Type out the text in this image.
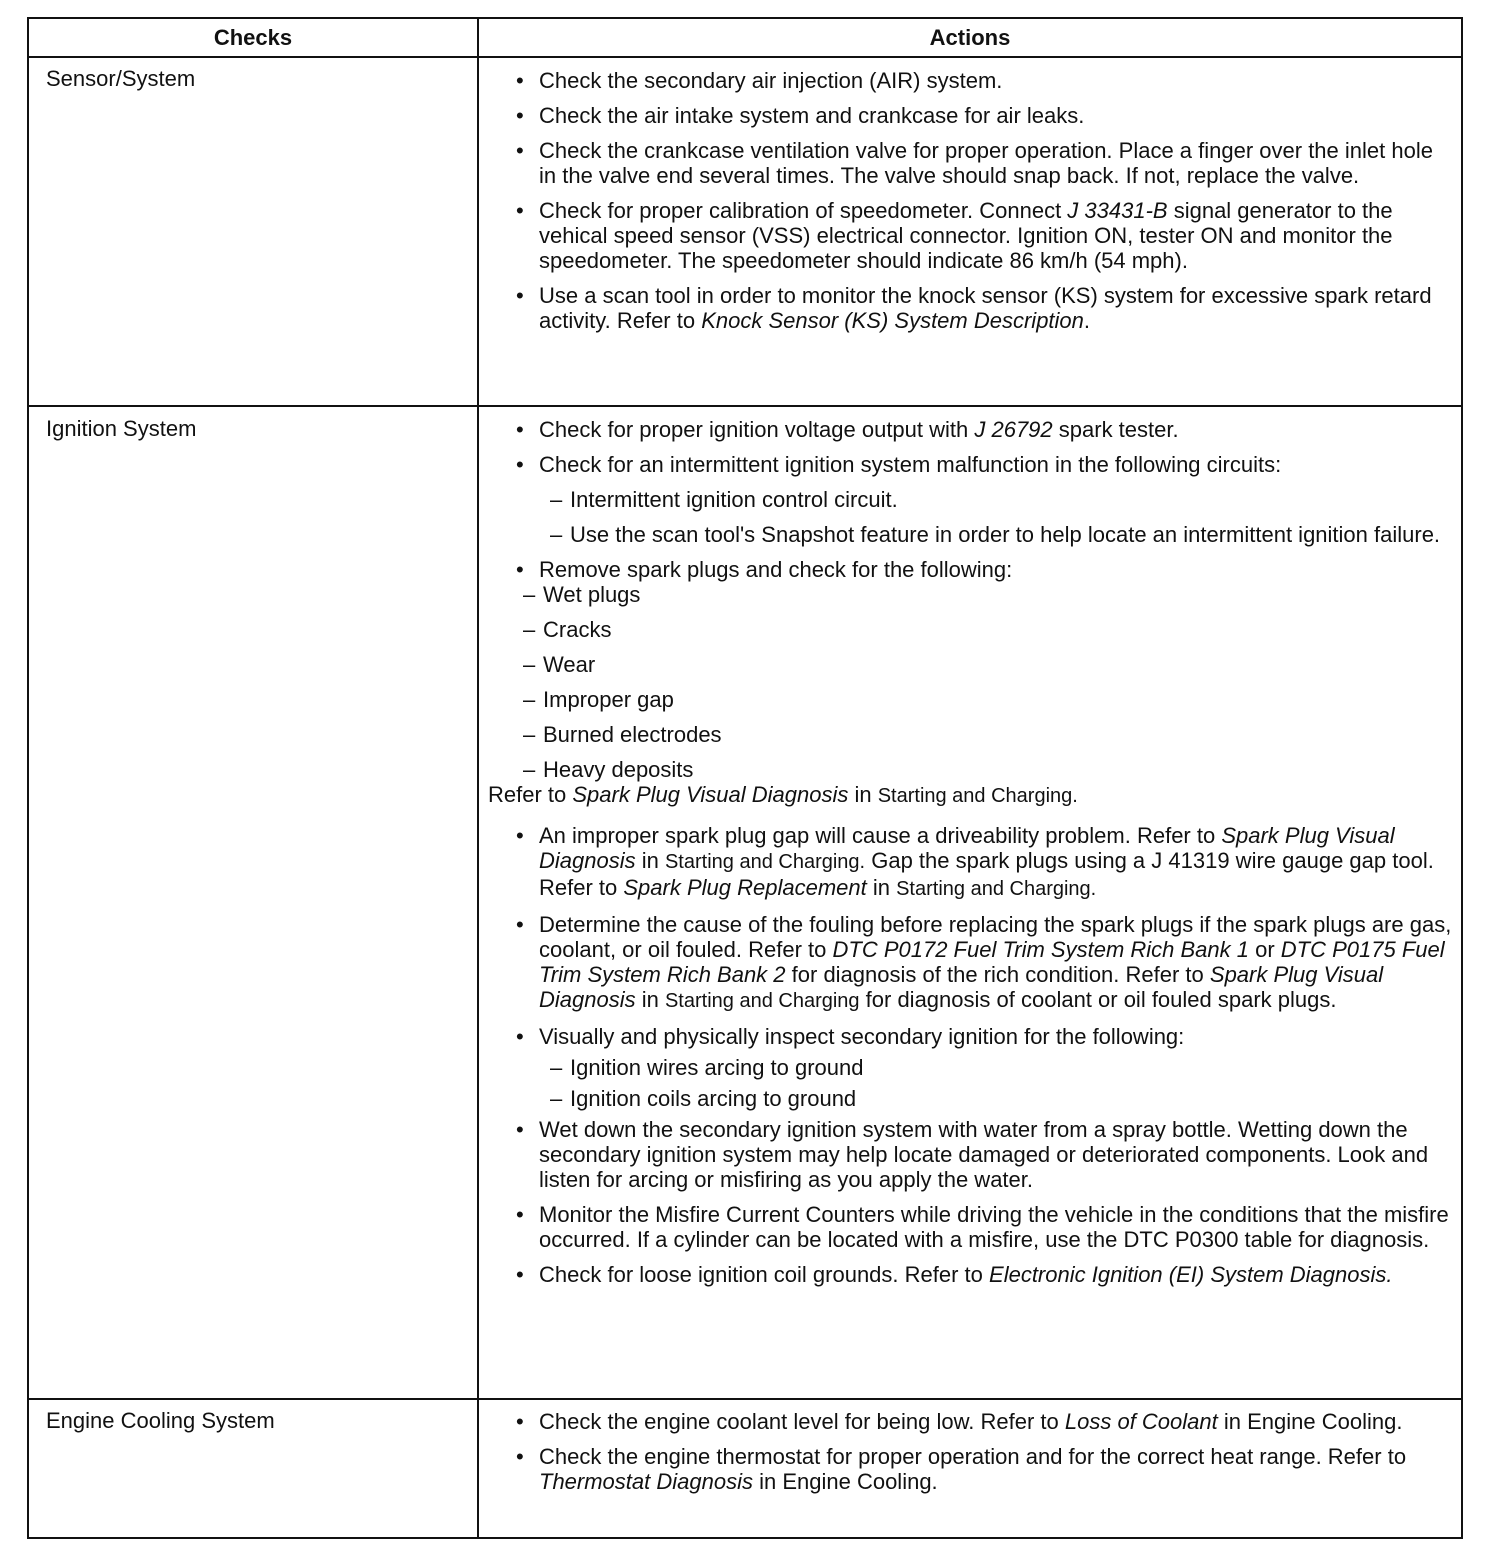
Checks	Actions
Sensor/System	• Check the secondary air injection (AIR) system.
• Check the air intake system and crankcase for air leaks.
• Check the crankcase ventilation valve for proper operation. Place a finger over the inlet hole in the valve end several times. The valve should snap back. If not, replace the valve.
• Check for proper calibration of speedometer. Connect J 33431-B signal generator to the vehical speed sensor (VSS) electrical connector. Ignition ON, tester ON and monitor the speedometer. The speedometer should indicate 86 km/h (54 mph).
• Use a scan tool in order to monitor the knock sensor (KS) system for excessive spark retard activity. Refer to Knock Sensor (KS) System Description.
Ignition System	• Check for proper ignition voltage output with J 26792 spark tester.
• Check for an intermittent ignition system malfunction in the following circuits:
– Intermittent ignition control circuit.
– Use the scan tool's Snapshot feature in order to help locate an intermittent ignition failure.
• Remove spark plugs and check for the following:
– Wet plugs
– Cracks
– Wear
– Improper gap
– Burned electrodes
– Heavy deposits
Refer to Spark Plug Visual Diagnosis in Starting and Charging.
• An improper spark plug gap will cause a driveability problem. Refer to Spark Plug Visual Diagnosis in Starting and Charging. Gap the spark plugs using a J 41319 wire gauge gap tool. Refer to Spark Plug Replacement in Starting and Charging.
• Determine the cause of the fouling before replacing the spark plugs if the spark plugs are gas, coolant, or oil fouled. Refer to DTC P0172 Fuel Trim System Rich Bank 1 or DTC P0175 Fuel Trim System Rich Bank 2 for diagnosis of the rich condition. Refer to Spark Plug Visual Diagnosis in Starting and Charging for diagnosis of coolant or oil fouled spark plugs.
• Visually and physically inspect secondary ignition for the following:
– Ignition wires arcing to ground
– Ignition coils arcing to ground
• Wet down the secondary ignition system with water from a spray bottle. Wetting down the secondary ignition system may help locate damaged or deteriorated components. Look and listen for arcing or misfiring as you apply the water.
• Monitor the Misfire Current Counters while driving the vehicle in the conditions that the misfire occurred. If a cylinder can be located with a misfire, use the DTC P0300 table for diagnosis.
• Check for loose ignition coil grounds. Refer to Electronic Ignition (EI) System Diagnosis.
Engine Cooling System	• Check the engine coolant level for being low. Refer to Loss of Coolant in Engine Cooling.
• Check the engine thermostat for proper operation and for the correct heat range. Refer to Thermostat Diagnosis in Engine Cooling.
